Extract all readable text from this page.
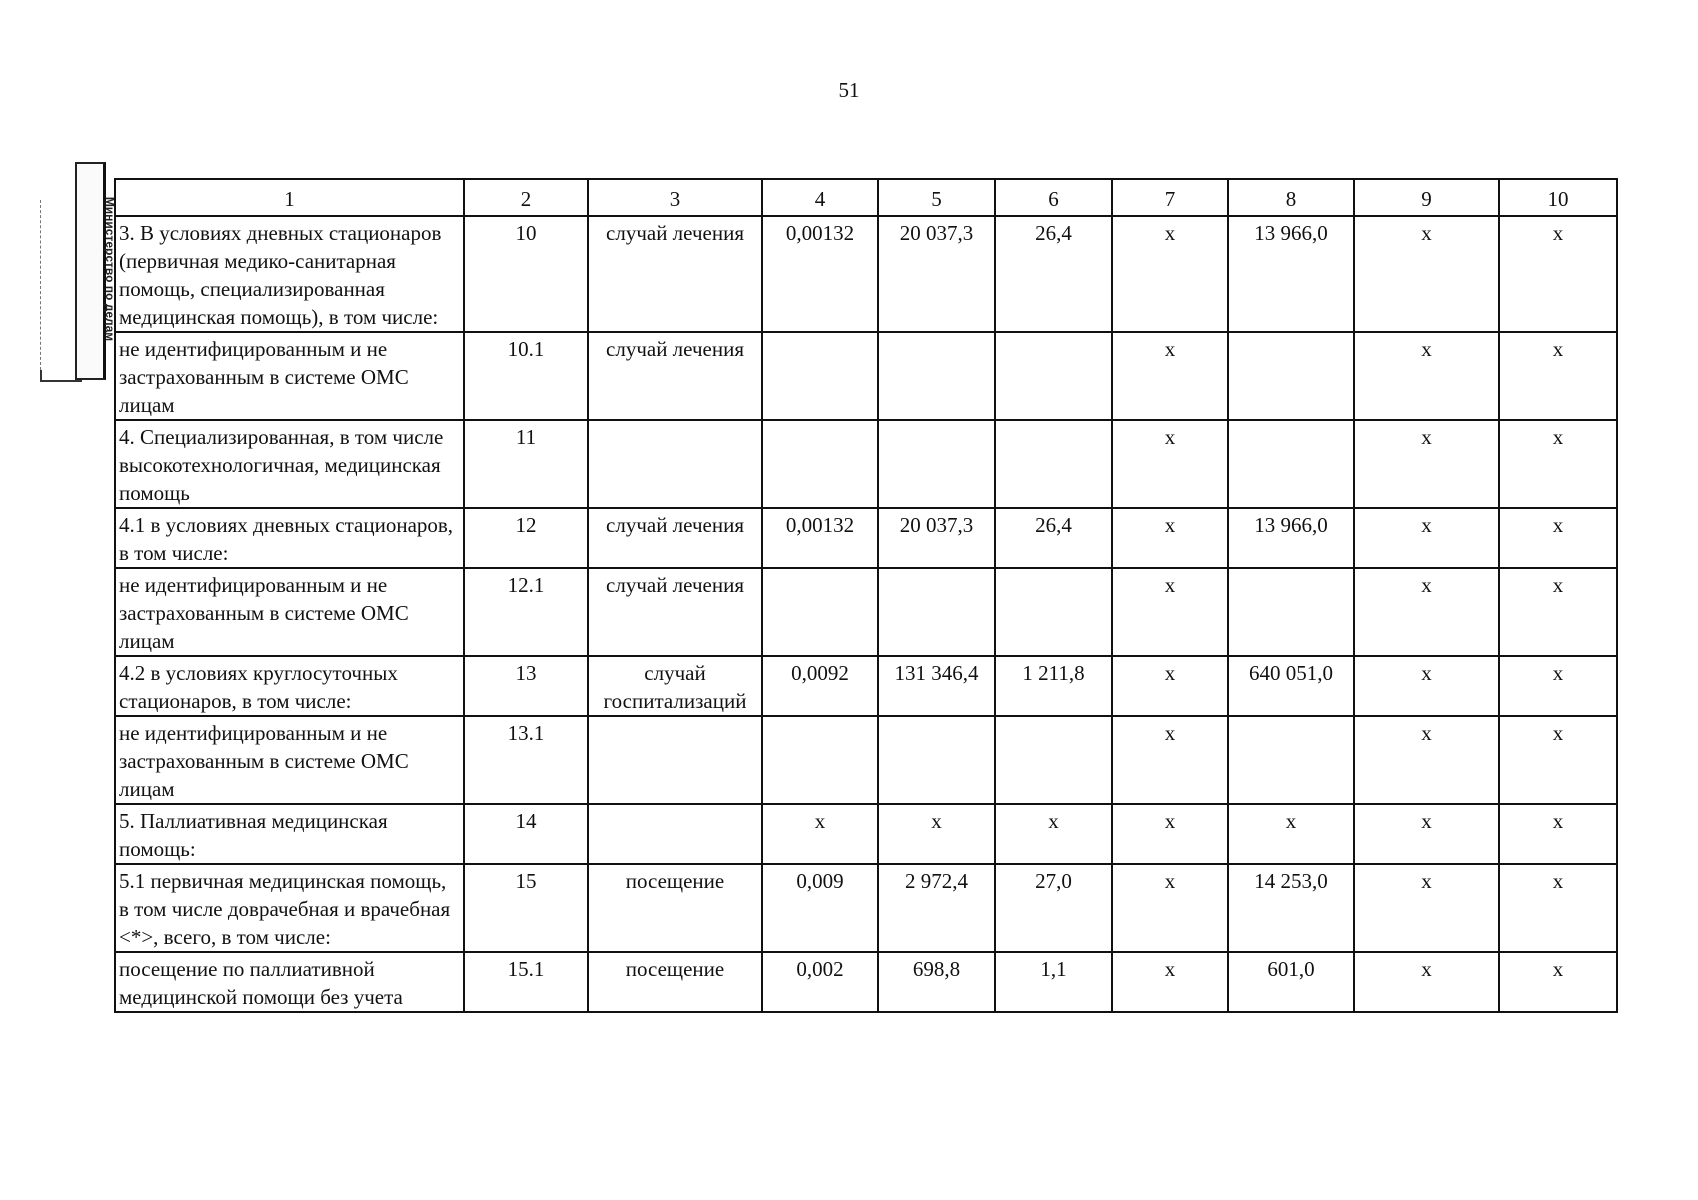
51
Министерство по делам	1	2	3	4	5	6	7	8	9	10
3. В условиях дневных стационаров (первичная медико-санитарная помощь, специализированная медицинская помощь), в том числе:	10	случай лечения	0,00132	20 037,3	26,4	х	13 966,0	х	х
не идентифицированным и не застрахованным в системе ОМС лицам	10.1	случай лечения				х		х	х
4. Специализированная, в том числе высокотехнологичная, медицинская помощь	11					х		х	х
4.1 в условиях дневных стационаров, в том числе:	12	случай лечения	0,00132	20 037,3	26,4	х	13 966,0	х	х
не идентифицированным и не застрахованным в системе ОМС лицам	12.1	случай лечения				х		х	х
4.2 в условиях круглосуточных стационаров, в том числе:	13	случай госпитализаций	0,0092	131 346,4	1 211,8	х	640 051,0	х	х
не идентифицированным и не застрахованным в системе ОМС лицам	13.1					х		х	х
5. Паллиативная медицинская помощь:	14		х	х	х	х	х	х	х
5.1 первичная медицинская помощь, в том числе доврачебная и врачебная <*>, всего, в том числе:	15	посещение	0,009	2 972,4	27,0	х	14 253,0	х	х
посещение по паллиативной медицинской помощи без учета	15.1	посещение	0,002	698,8	1,1	х	601,0	х	х
